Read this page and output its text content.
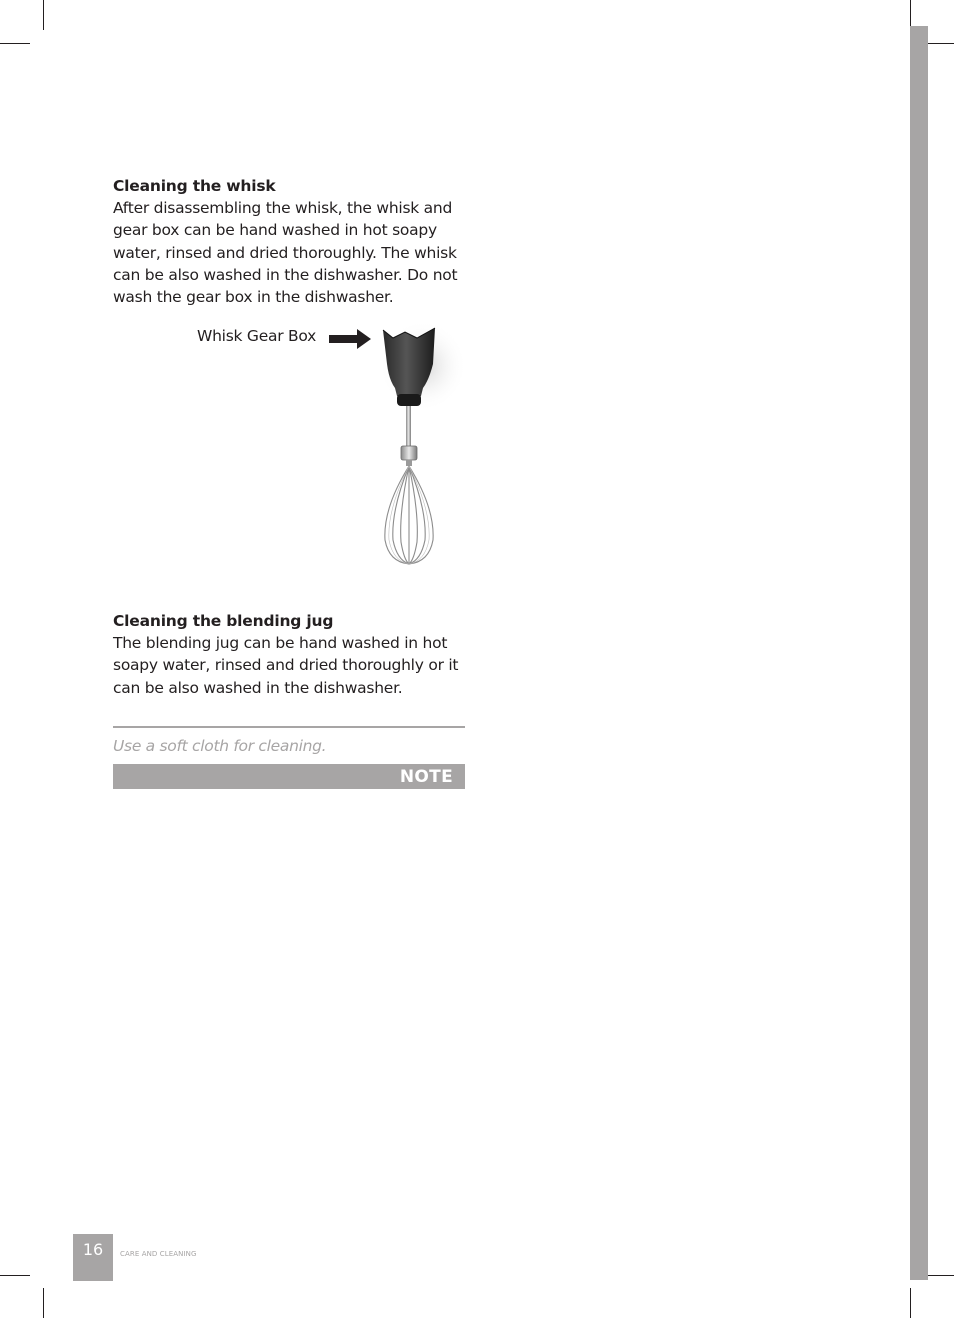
Cleaning the whisk

After disassembling the whisk, the whisk and gear box can be hand washed in hot soapy water, rinsed and dried thoroughly. The whisk can be also washed in the dishwasher. Do not wash the gear box in the dishwasher.

Whisk Gear Box
Cleaning the blending jug

The blending jug can be hand washed in hot soapy water, rinsed and dried thoroughly or it can be also washed in the dishwasher.

Use a soft cloth for cleaning.

NOTE
16 CARE AND CLEANING
